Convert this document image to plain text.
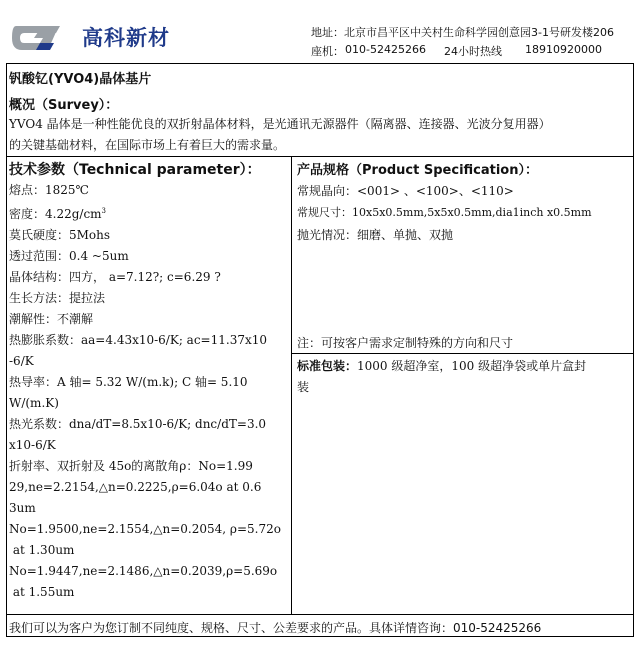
高科新材	地址：北京市昌平区中关村生命科学园创意园3-1号研发楼206
座机： 010-52425266 24小时热线 18910920000
钒酸钇(YVO4)晶体基片
概况（Survey）：
YVO4 晶体是一种性能优良的双折射晶体材料，是光通讯无源器件（隔离器、连接器、光波分复用器）
的关键基础材料，在国际市场上有着巨大的需求量。
技术参数（Technical parameter）：
熔点：1825℃
密度：$4.22g/cm^3$
莫氏硬度：5Mohs
透过范围：0.4 ~5um
晶体结构：四方， a=7.12?; c=6.29 ?
生长方法：提拉法
潮解性：不潮解
热膨胀系数：aa=4.43x10-6/K; ac=11.37x10
-6/K
热导率：A 轴= 5.32 W/(m.k); C 轴= 5.10
W/(m.K)
热光系数：dna/dT=8.5x10-6/K; dnc/dT=3.0
x10-6/K
折射率、双折射及 45o的离散角ρ：No=1.99
29,ne=2.2154,△n=0.2225,ρ=6.04o at 0.6
3um
No=1.9500,ne=2.1554,△n=0.2054, ρ=5.72o
at 1.30um
No=1.9447,ne=2.1486,△n=0.2039,ρ=5.69o
at 1.55um
产品规格（Product Specification）：
常规晶向：<001> 、<100>、<110>
常规尺寸：10x5x0.5mm,5x5x0.5mm,dia1inch x0.5mm
抛光情况：细磨、单抛、双抛
注：可按客户需求定制特殊的方向和尺寸
标准包装：1000 级超净室，100 级超净袋或单片盒封
装
我们可以为客户为您订制不同纯度、规格、尺寸、公差要求的产品。具体详情咨询：010-52425266
